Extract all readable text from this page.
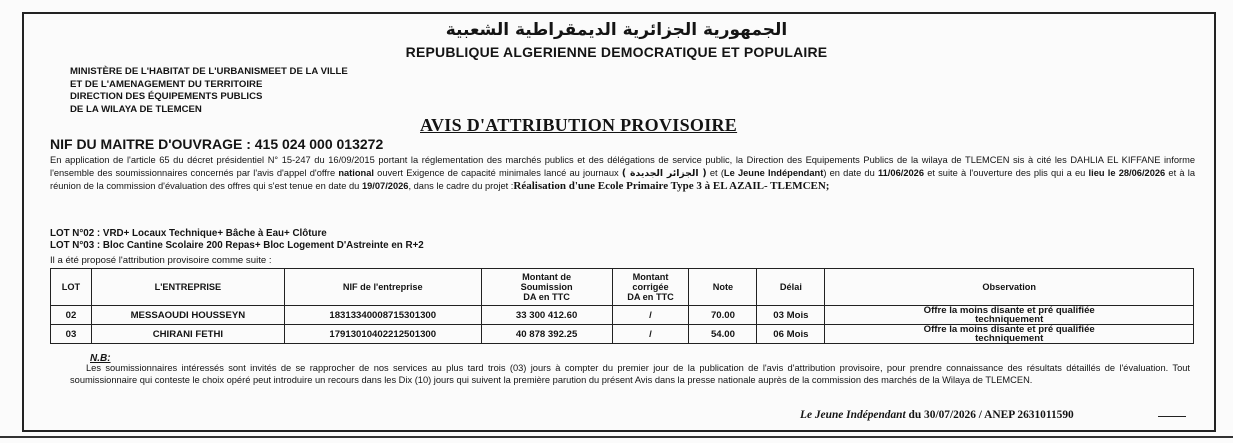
الجمهورية الجزائرية الديمقراطية الشعبية
REPUBLIQUE ALGERIENNE DEMOCRATIQUE ET POPULAIRE
MINISTÈRE DE L'HABITAT DE L'URBANISMEET DE LA VILLE
ET DE L'AMENAGEMENT DU TERRITOIRE
DIRECTION DES ÉQUIPEMENTS PUBLICS
DE LA WILAYA DE TLEMCEN
AVIS D'ATTRIBUTION PROVISOIRE
NIF DU MAITRE D'OUVRAGE : 415 024 000 013272
En application de l'article 65 du décret présidentiel N° 15-247 du 16/09/2015 portant la réglementation des marchés publics et des délégations de service public, la Direction des Equipements Publics de la wilaya de TLEMCEN sis à cité les DAHLIA EL KIFFANE informe l'ensemble des soumissionnaires concernés par l'avis d'appel d'offre national ouvert Exigence de capacité minimales lancé au journaux ( الجزائر الجديدة ) et (Le Jeune Indépendant) en date du 11/06/2026 et suite à l'ouverture des plis qui a eu lieu le 28/06/2026 et à la réunion de la commission d'évaluation des offres qui s'est tenue en date du 19/07/2026, dans le cadre du projet :Réalisation d'une Ecole Primaire Type 3 à EL AZAIL- TLEMCEN;
LOT N°02 : VRD+ Locaux Technique+ Bâche à Eau+ Clôture
LOT N°03 : Bloc Cantine Scolaire 200 Repas+ Bloc Logement D'Astreinte en R+2
Il a été proposé l'attribution provisoire comme suite :
LOT	L'ENTREPRISE	NIF de l'entreprise	Montant de
Soumission
DA en TTC	Montant
corrigée
DA en TTC	Note	Délai	Observation
02	MESSAOUDI HOUSSEYN	183133400087153013​00	33 300 412.60	/	70.00	03 Mois	Offre la moins disante et pré qualifiée
techniquement
03	CHIRANI FETHI	179130104022125013​00	40 878 392.25	/	54.00	06 Mois	Offre la moins disante et pré qualifiée
techniquement
N.B:
Les soumissionnaires intéressés sont invités de se rapprocher de nos services au plus tard trois (03) jours à compter du premier jour de la publication de l'avis d'attribution provisoire, pour prendre connaissance des résultats détaillés de l'évaluation. Tout soumissionnaire qui conteste le choix opéré peut introduire un recours dans les Dix (10) jours qui suivent la première parution du présent Avis dans la presse nationale auprès de la commission des marchés de la Wilaya de TLEMCEN.
Le Jeune Indépendant du 30/07/2026 / ANEP 2631011590
